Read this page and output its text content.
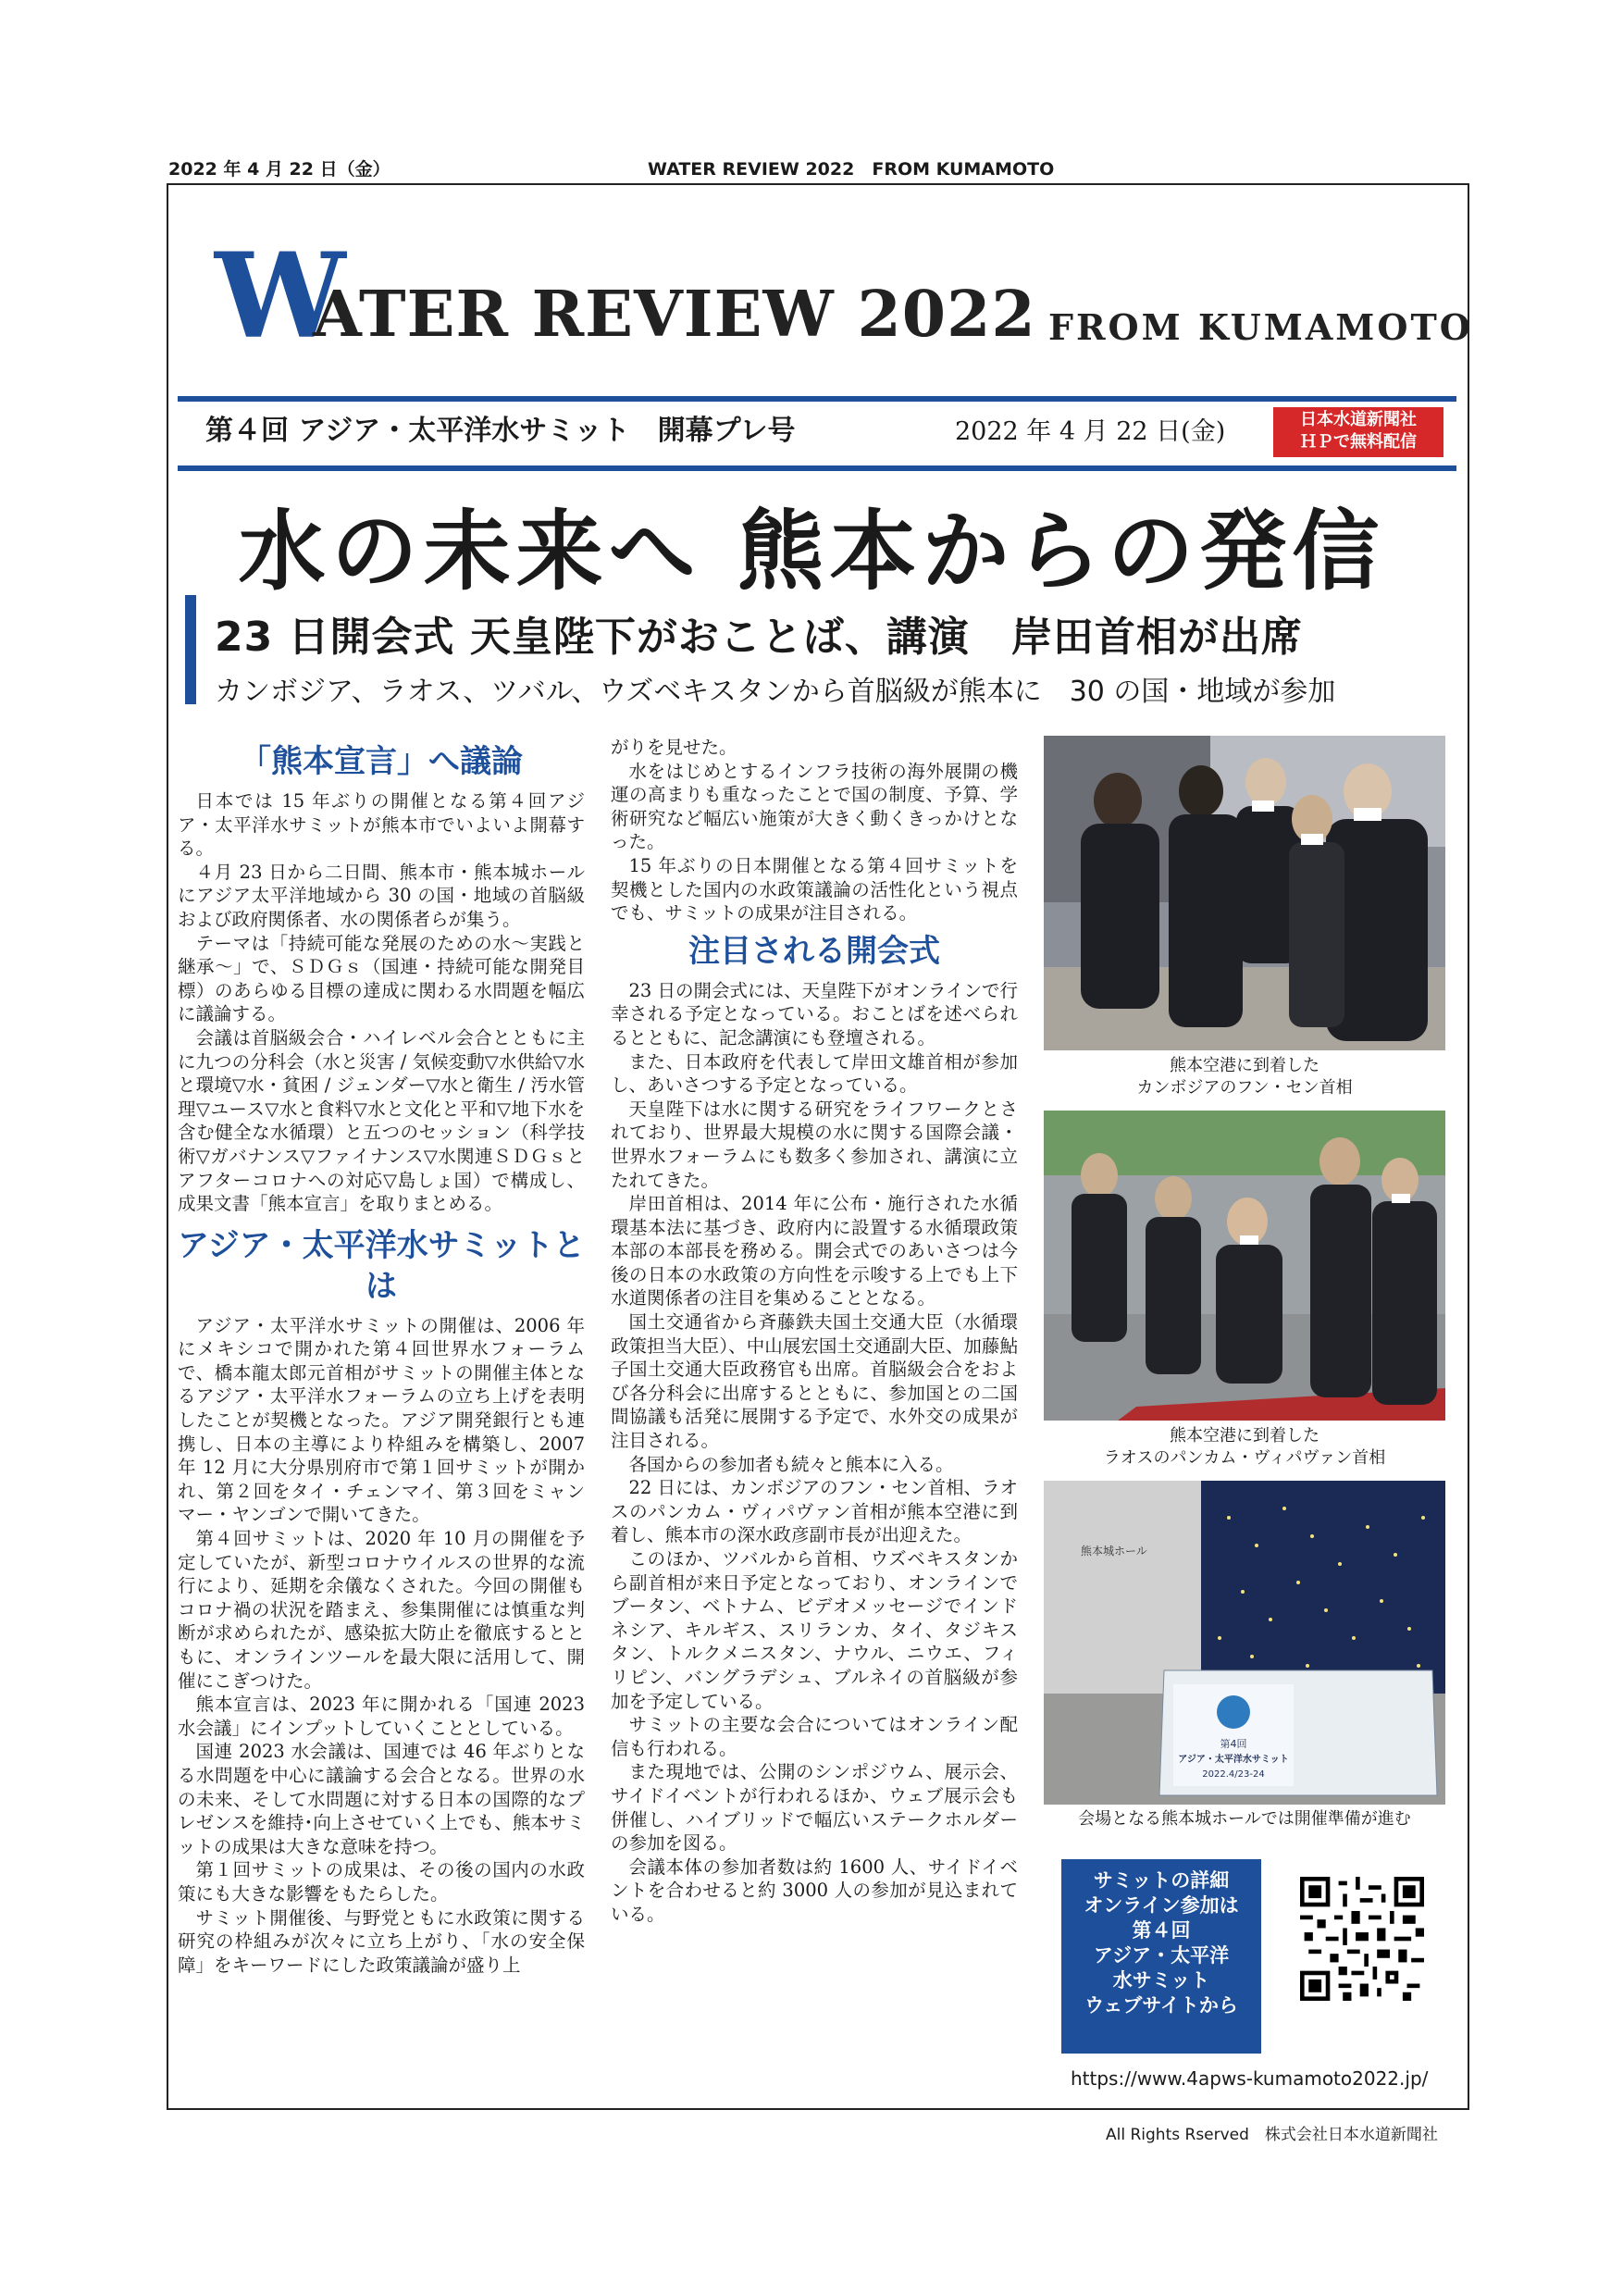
2022 年 4 月 22 日（金）	WATER REVIEW 2022　FROM KUMAMOTO
W
ATER REVIEW 2022 FROM KUMAMOTO
第４回 アジア・太平洋水サミット　開幕プレ号	2022 年 4 月 22 日(金)	日本水道新聞社
ＨＰで無料配信
水の未来へ 熊本からの発信
23 日開会式 天皇陛下がおことば、講演　岸田首相が出席
カンボジア、ラオス、ツバル、ウズベキスタンから首脳級が熊本に　30 の国・地域が参加
「熊本宣言」へ議論

日本では 15 年ぶりの開催となる第４回アジア・太平洋水サミットが熊本市でいよいよ開幕する。

４月 23 日から二日間、熊本市・熊本城ホールにアジア太平洋地域から 30 の国・地域の首脳級および政府関係者、水の関係者らが集う。

テーマは「持続可能な発展のための水～実践と継承～」で、ＳＤＧｓ（国連・持続可能な開発目標）のあらゆる目標の達成に関わる水問題を幅広に議論する。

会議は首脳級会合・ハイレベル会合とともに主に九つの分科会（水と災害 / 気候変動▽水供給▽水と環境▽水・貧困 / ジェンダー▽水と衛生 / 汚水管理▽ユース▽水と食料▽水と文化と平和▽地下水を含む健全な水循環）と五つのセッション（科学技術▽ガバナンス▽ファイナンス▽水関連ＳＤＧｓとアフターコロナへの対応▽島しょ国）で構成し、成果文書「熊本宣言」を取りまとめる。

アジア・太平洋水サミットとは

アジア・太平洋水サミットの開催は、2006 年にメキシコで開かれた第４回世界水フォーラムで、橋本龍太郎元首相がサミットの開催主体となるアジア・太平洋水フォーラムの立ち上げを表明したことが契機となった。アジア開発銀行とも連携し、日本の主導により枠組みを構築し、2007 年 12 月に大分県別府市で第１回サミットが開かれ、第２回をタイ・チェンマイ、第３回をミャンマー・ヤンゴンで開いてきた。

第４回サミットは、2020 年 10 月の開催を予定していたが、新型コロナウイルスの世界的な流行により、延期を余儀なくされた。今回の開催もコロナ禍の状況を踏まえ、参集開催には慎重な判断が求められたが、感染拡大防止を徹底するとともに、オンラインツールを最大限に活用して、開催にこぎつけた。

熊本宣言は、2023 年に開かれる「国連 2023 水会議」にインプットしていくこととしている。

国連 2023 水会議は、国連では 46 年ぶりとなる水問題を中心に議論する会合となる。世界の水の未来、そして水問題に対する日本の国際的なプレゼンスを維持･向上させていく上でも、熊本サミットの成果は大きな意味を持つ。

第１回サミットの成果は、その後の国内の水政策にも大きな影響をもたらした。

サミット開催後、与野党ともに水政策に関する研究の枠組みが次々に立ち上がり、「水の安全保障」をキーワードにした政策議論が盛り上

がりを見せた。

水をはじめとするインフラ技術の海外展開の機運の高まりも重なったことで国の制度、予算、学術研究など幅広い施策が大きく動くきっかけとなった。

15 年ぶりの日本開催となる第４回サミットを契機とした国内の水政策議論の活性化という視点でも、サミットの成果が注目される。

注目される開会式

23 日の開会式には、天皇陛下がオンラインで行幸される予定となっている。おことばを述べられるとともに、記念講演にも登壇される。

また、日本政府を代表して岸田文雄首相が参加し、あいさつする予定となっている。

天皇陛下は水に関する研究をライフワークとされており、世界最大規模の水に関する国際会議・世界水フォーラムにも数多く参加され、講演に立たれてきた。

岸田首相は、2014 年に公布・施行された水循環基本法に基づき、政府内に設置する水循環政策本部の本部長を務める。開会式でのあいさつは今後の日本の水政策の方向性を示唆する上でも上下水道関係者の注目を集めることとなる。

国土交通省から斉藤鉄夫国土交通大臣（水循環政策担当大臣）、中山展宏国土交通副大臣、加藤鮎子国土交通大臣政務官も出席。首脳級会合をおよび各分科会に出席するとともに、参加国との二国間協議も活発に展開する予定で、水外交の成果が注目される。

各国からの参加者も続々と熊本に入る。

22 日には、カンボジアのフン・セン首相、ラオスのパンカム・ヴィパヴァン首相が熊本空港に到着し、熊本市の深水政彦副市長が出迎えた。

このほか、ツバルから首相、ウズベキスタンから副首相が来日予定となっており、オンラインでブータン、ベトナム、ビデオメッセージでインドネシア、キルギス、スリランカ、タイ、タジキスタン、トルクメニスタン、ナウル、ニウエ、フィリピン、バングラデシュ、ブルネイの首脳級が参加を予定している。

サミットの主要な会合についてはオンライン配信も行われる。

また現地では、公開のシンポジウム、展示会、サイドイベントが行われるほか、ウェブ展示会も併催し、ハイブリッドで幅広いステークホルダーの参加を図る。

会議本体の参加者数は約 1600 人、サイドイベントを合わせると約 3000 人の参加が見込まれている。

熊本空港に到着した
カンボジアのフン・セン首相
熊本空港に到着した
ラオスのパンカム・ヴィパヴァン首相
第4回
アジア・太平洋水サミット
2022.4/23-24
熊本城ホール
会場となる熊本城ホールでは開催準備が進む
サミットの詳細
オンライン参加は
第４回
アジア・太平洋
水サミット
ウェブサイトから
https://www.4apws-kumamoto2022.jp/
All Rights Rserved　株式会社日本水道新聞社
